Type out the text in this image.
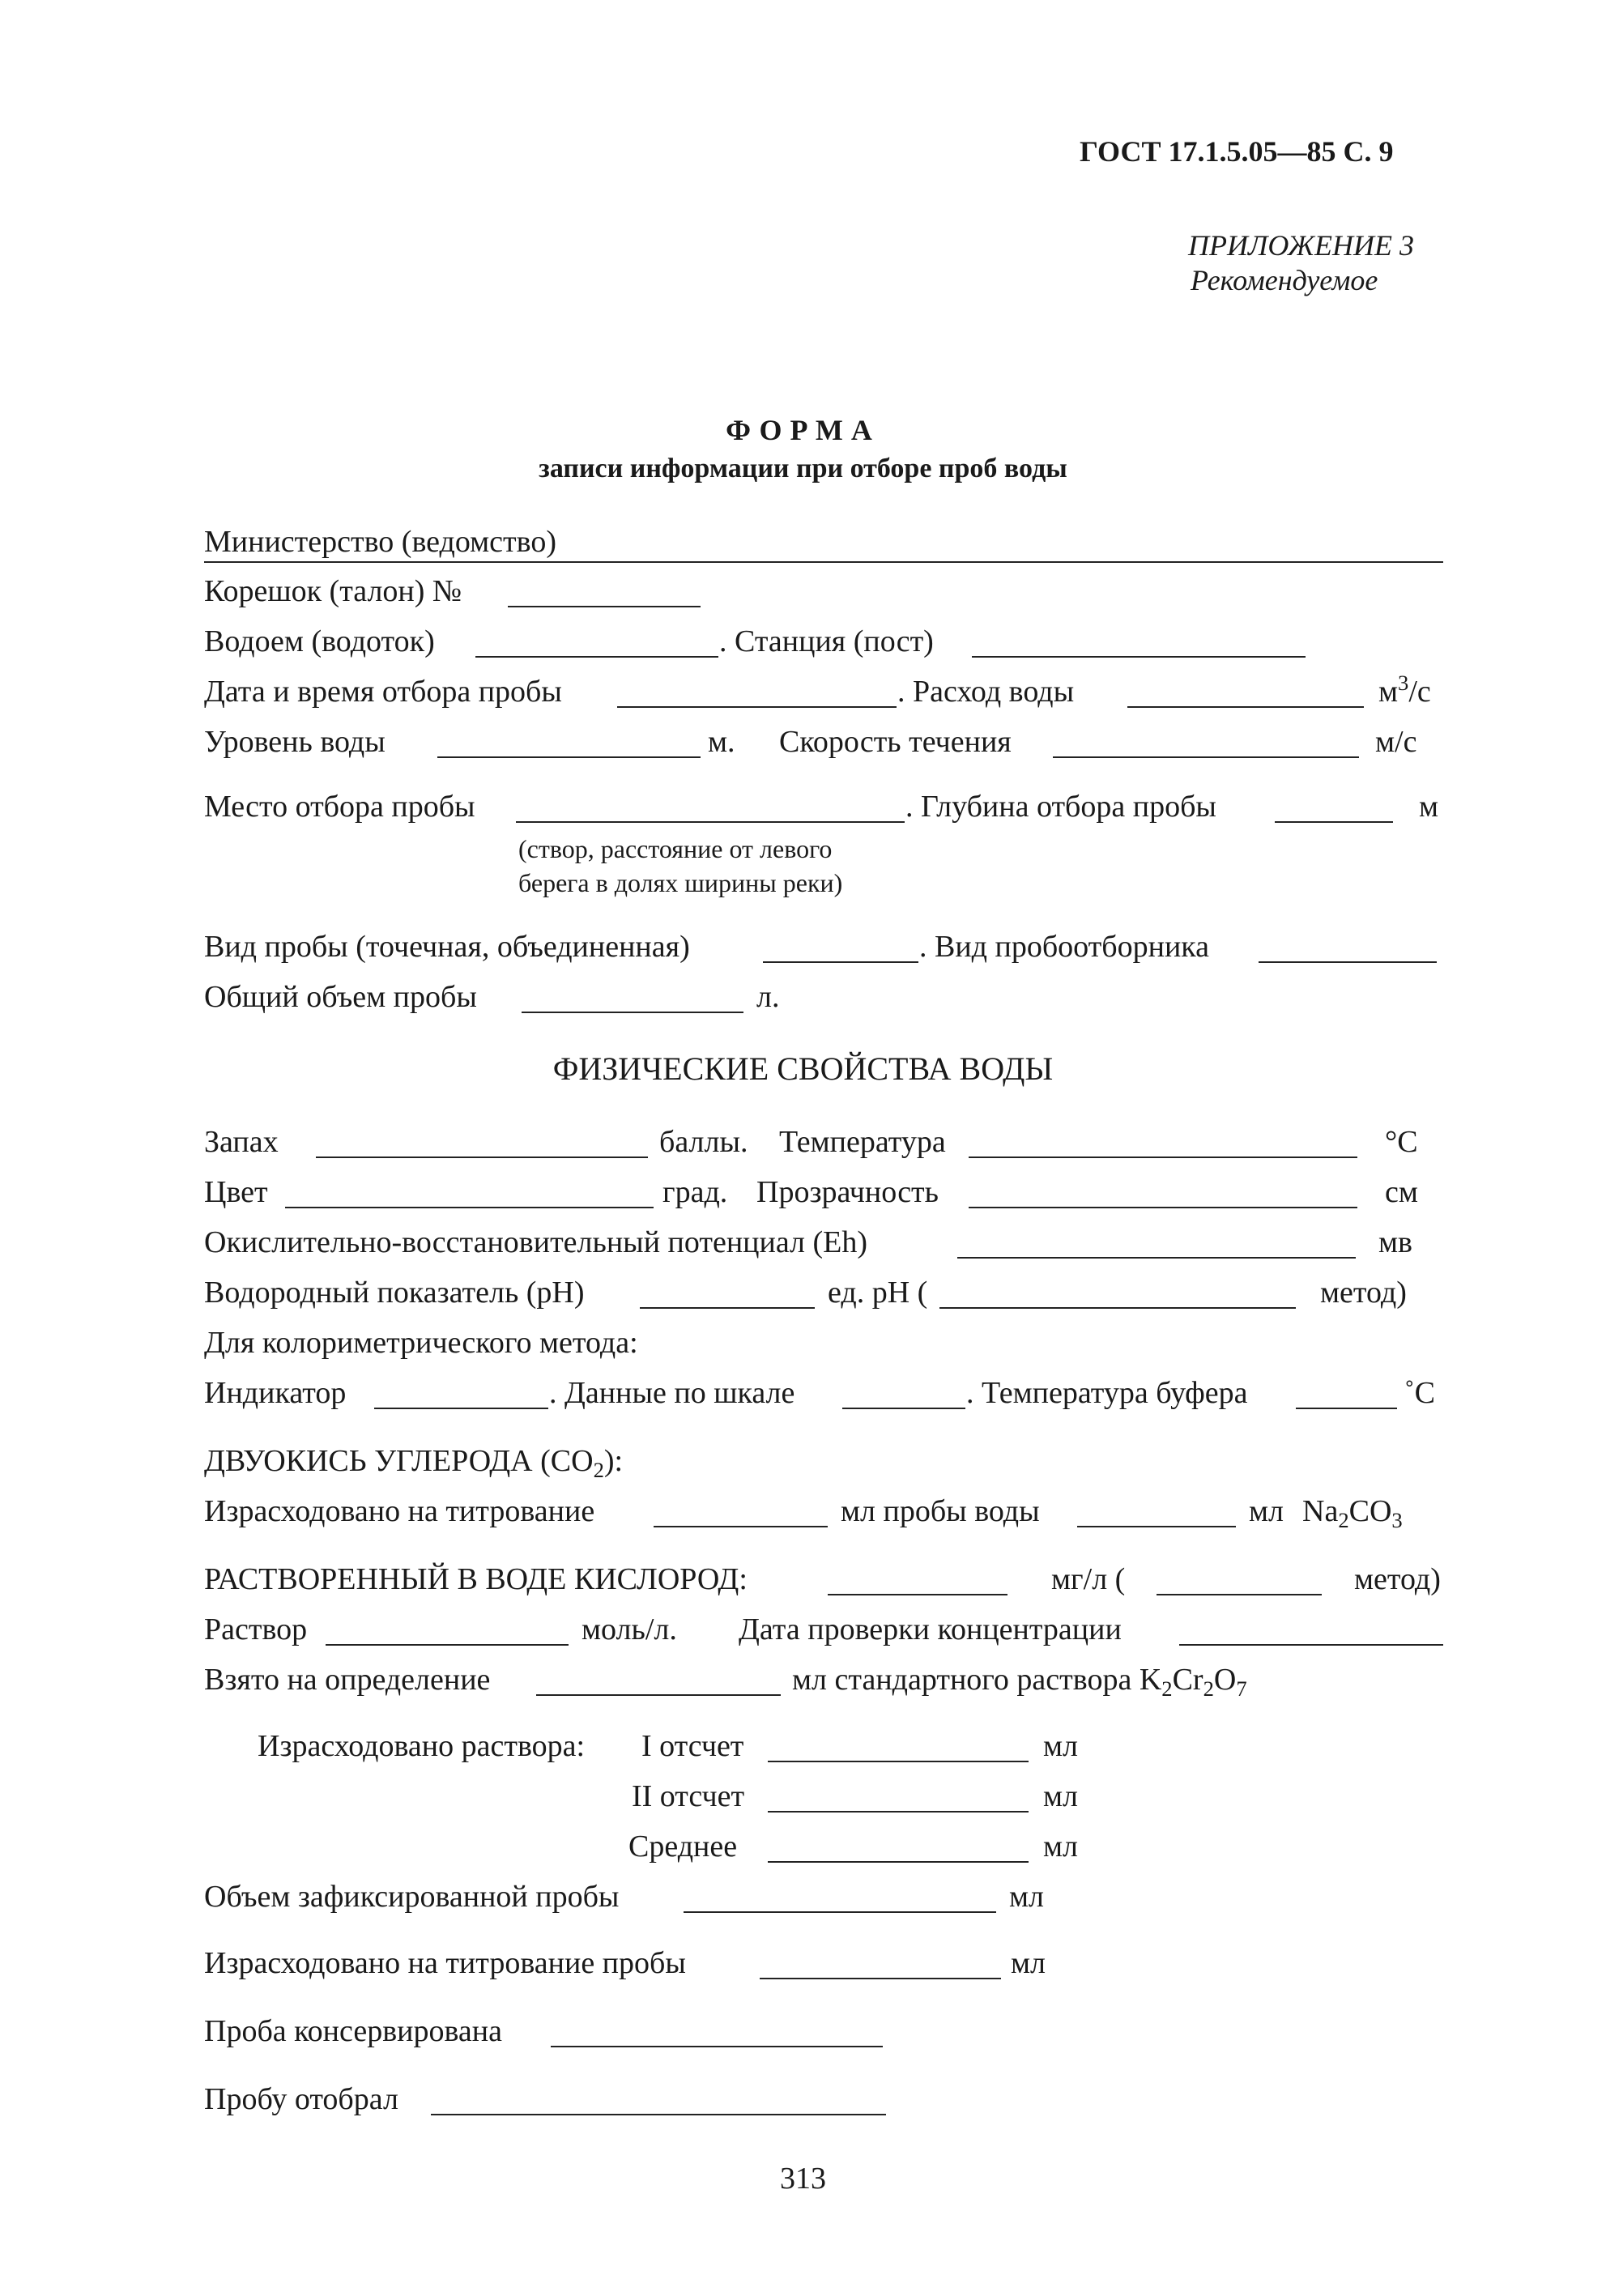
ГОСТ 17.1.5.05—85 С. 9
ПРИЛОЖЕНИЕ 3
Рекомендуемое
ФОРМА
записи информации при отборе проб воды
Министерство (ведомство)
Корешок (талон) №
Водоем (водоток)	. Станция (пост)
Дата и время отбора пробы	. Расход воды	$м^3/с$
Уровень воды	м. Скорость течения	м/с
Место отбора пробы	. Глубина отбора пробы	м
(створ, расстояние от левого
берега в долях ширины реки)
Вид пробы (точечная, объединенная)	. Вид пробоотборника
Общий объем пробы	л.
ФИЗИЧЕСКИЕ СВОЙСТВА ВОДЫ
Запах	баллы. Температура	°С
Цвет	град. Прозрачность	см
Окислительно-восстановительный потенциал (Eh)	мв
Водородный показатель (pH)	ед. pH (	метод)
Для колориметрического метода:
Индикатор	. Данные по шкале	. Температура буфера	˚С
ДВУОКИСЬ УГЛЕРОДА $(СО_2)$:
Израсходовано на титрование	мл пробы воды	мл $Na_2CO_3$
РАСТВОРЕННЫЙ В ВОДЕ КИСЛОРОД:	мг/л (	метод)
Раствор	моль/л. Дата проверки концентрации
Взято на определение	мл стандартного раствора $K_2Cr_2O_7$
Израсходовано раствора: I отсчет	мл
II отсчет	мл
Среднее	мл
Объем зафиксированной пробы	мл
Израсходовано на титрование пробы	мл
Проба консервирована
Пробу отобрал
313
